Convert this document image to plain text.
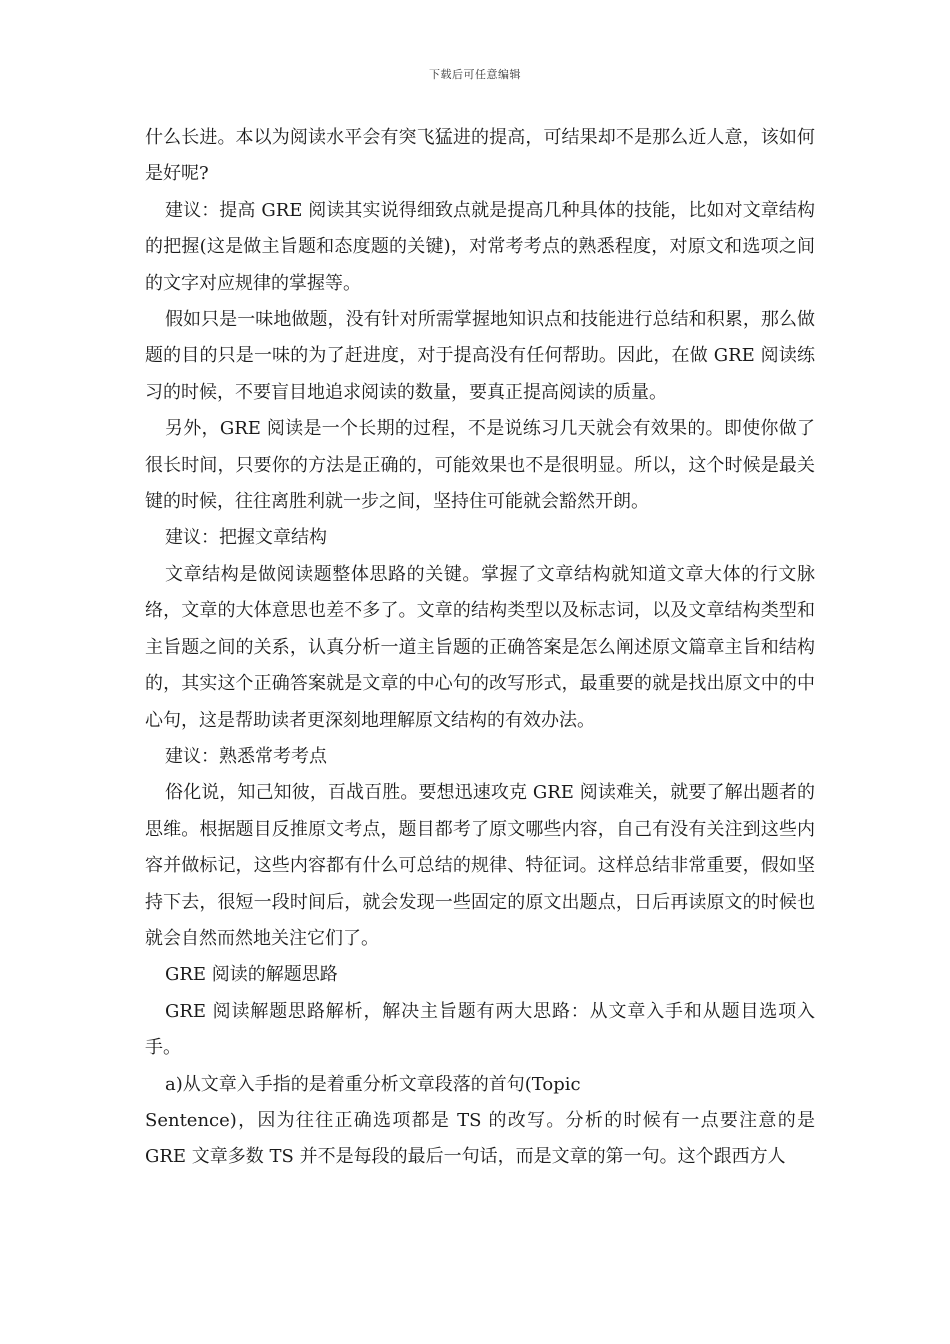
下载后可任意编辑

什么长进。本以为阅读水平会有突飞猛进的提高，可结果却不是那么近人意，该如何是好呢?

建议：提高 GRE 阅读其实说得细致点就是提高几种具体的技能，比如对文章结构的把握(这是做主旨题和态度题的关键)，对常考考点的熟悉程度，对原文和选项之间的文字对应规律的掌握等。

假如只是一味地做题，没有针对所需掌握地知识点和技能进行总结和积累，那么做题的目的只是一味的为了赶进度，对于提高没有任何帮助。因此，在做 GRE 阅读练习的时候，不要盲目地追求阅读的数量，要真正提高阅读的质量。

另外，GRE 阅读是一个长期的过程，不是说练习几天就会有效果的。即使你做了很长时间，只要你的方法是正确的，可能效果也不是很明显。所以，这个时候是最关键的时候，往往离胜利就一步之间，坚持住可能就会豁然开朗。

建议：把握文章结构

文章结构是做阅读题整体思路的关键。掌握了文章结构就知道文章大体的行文脉络，文章的大体意思也差不多了。文章的结构类型以及标志词，以及文章结构类型和主旨题之间的关系，认真分析一道主旨题的正确答案是怎么阐述原文篇章主旨和结构的，其实这个正确答案就是文章的中心句的改写形式，最重要的就是找出原文中的中心句，这是帮助读者更深刻地理解原文结构的有效办法。

建议：熟悉常考考点

俗化说，知己知彼，百战百胜。要想迅速攻克 GRE 阅读难关，就要了解出题者的思维。根据题目反推原文考点，题目都考了原文哪些内容，自己有没有关注到这些内容并做标记，这些内容都有什么可总结的规律、特征词。这样总结非常重要，假如坚持下去，很短一段时间后，就会发现一些固定的原文出题点，日后再读原文的时候也就会自然而然地关注它们了。

GRE 阅读的解题思路

GRE 阅读解题思路解析，解决主旨题有两大思路：从文章入手和从题目选项入手。

a)从文章入手指的是着重分析文章段落的首句(Topic

Sentence)，因为往往正确选项都是 TS 的改写。分析的时候有一点要注意的是 GRE 文章多数 TS 并不是每段的最后一句话，而是文章的第一句。这个跟西方人
